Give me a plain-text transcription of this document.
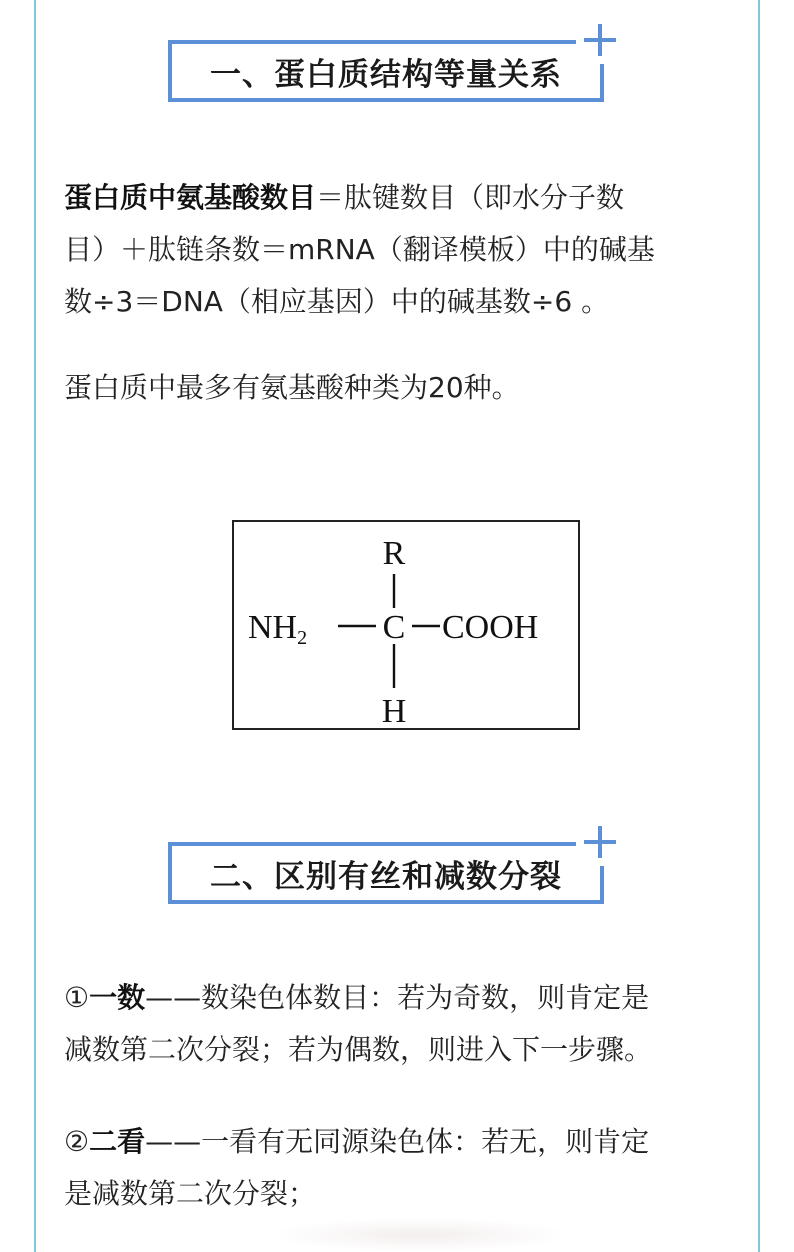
一、蛋白质结构等量关系
蛋白质中氨基酸数目＝肽键数目（即水分子数
目）＋肽链条数＝mRNA（翻译模板）中的碱基
数÷3＝DNA（相应基因）中的碱基数÷6 。
蛋白质中最多有氨基酸种类为20种。
R
C
H
NH2	COOH
二、区别有丝和减数分裂
①一数——数染色体数目：若为奇数，则肯定是
减数第二次分裂；若为偶数，则进入下一步骤。
②二看——一看有无同源染色体：若无，则肯定
是减数第二次分裂；
